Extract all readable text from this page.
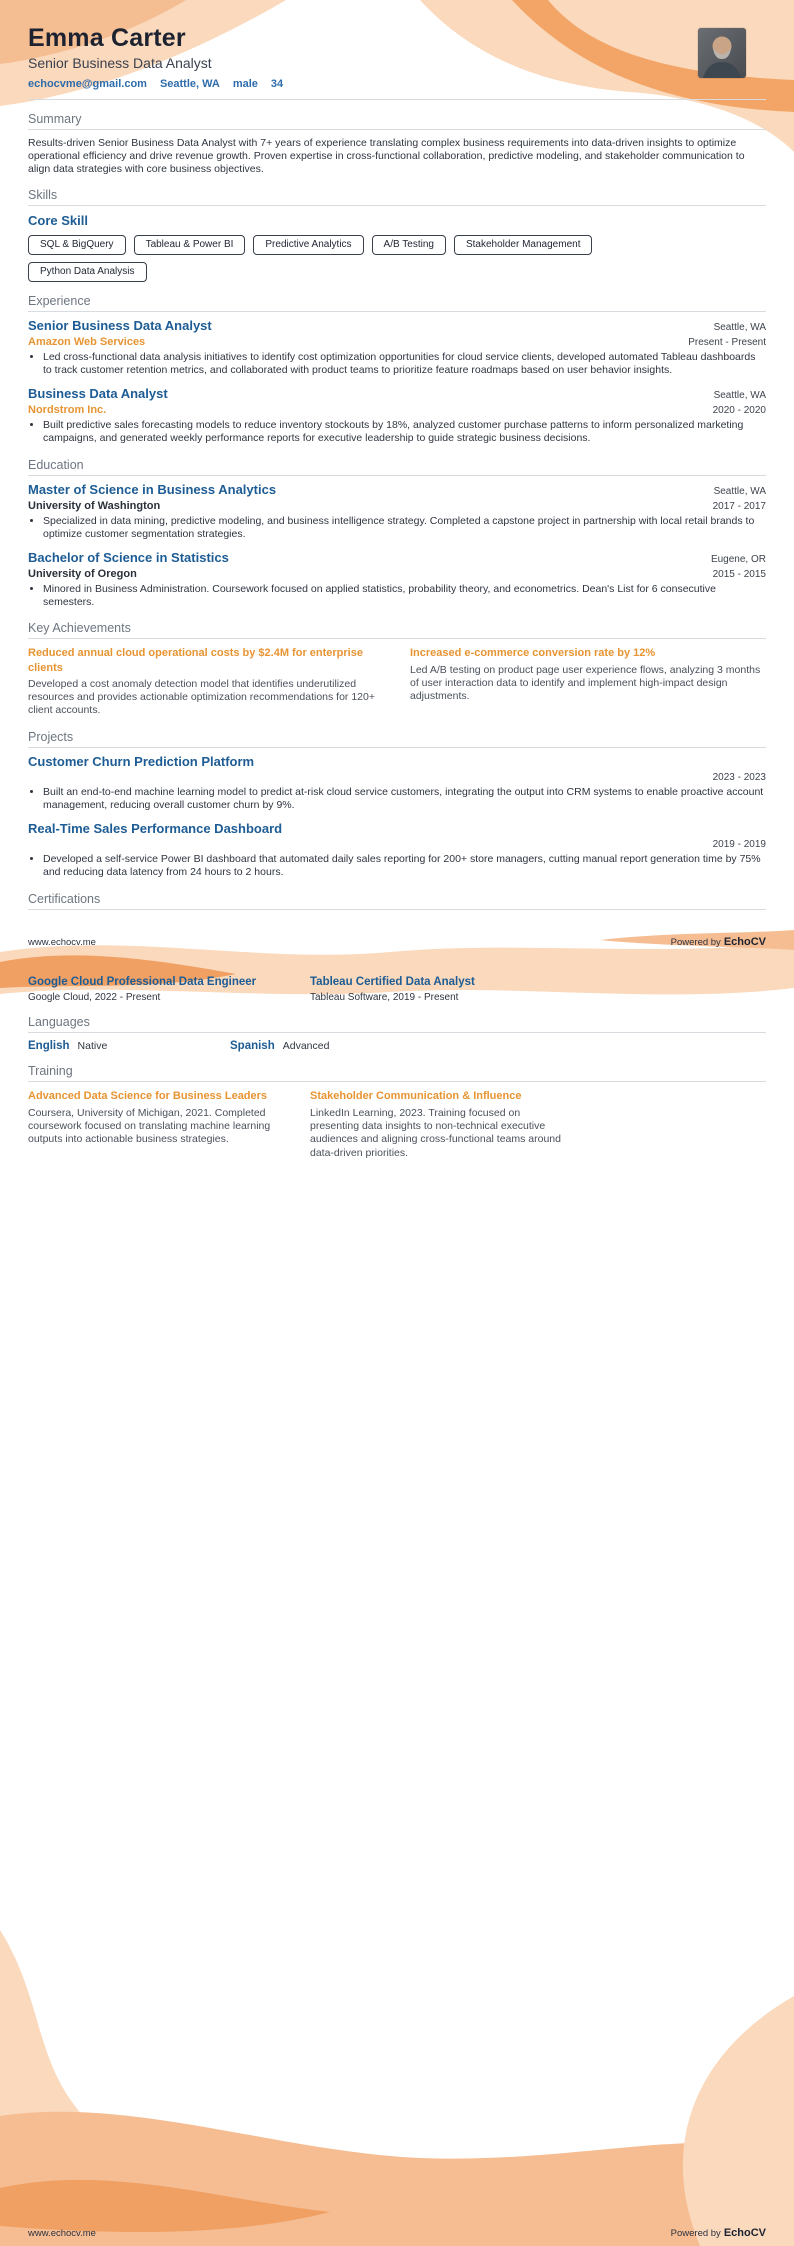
Emma Carter
Senior Business Data Analyst
echocvme@gmail.com Seattle, WA male 34
Summary

Results-driven Senior Business Data Analyst with 7+ years of experience translating complex business requirements into data-driven insights to optimize operational efficiency and drive revenue growth. Proven expertise in cross-functional collaboration, predictive modeling, and stakeholder communication to align data strategies with core business objectives.

Skills
Core Skill
SQL & BigQuery	Tableau & Power BI	Predictive Analytics	A/B Testing	Stakeholder Management
Python Data Analysis
Experience
Senior Business Data Analyst	Seattle, WA
Amazon Web Services	Present - Present
• Led cross-functional data analysis initiatives to identify cost optimization opportunities for cloud service clients, developed automated Tableau dashboards to track customer retention metrics, and collaborated with product teams to prioritize feature roadmaps based on user behavior insights.
Business Data Analyst	Seattle, WA
Nordstrom Inc.	2020 - 2020
• Built predictive sales forecasting models to reduce inventory stockouts by 18%, analyzed customer purchase patterns to inform personalized marketing campaigns, and generated weekly performance reports for executive leadership to guide strategic business decisions.
Education
Master of Science in Business Analytics	Seattle, WA
University of Washington	2017 - 2017
• Specialized in data mining, predictive modeling, and business intelligence strategy. Completed a capstone project in partnership with local retail brands to optimize customer segmentation strategies.
Bachelor of Science in Statistics	Eugene, OR
University of Oregon	2015 - 2015
• Minored in Business Administration. Coursework focused on applied statistics, probability theory, and econometrics. Dean's List for 6 consecutive semesters.
Key Achievements
Reduced annual cloud operational costs by $2.4M for enterprise clients
Developed a cost anomaly detection model that identifies underutilized resources and provides actionable optimization recommendations for 120+ client accounts.
Increased e-commerce conversion rate by 12%
Led A/B testing on product page user experience flows, analyzing 3 months of user interaction data to identify and implement high-impact design adjustments.
Projects
Customer Churn Prediction Platform
2023 - 2023
• Built an end-to-end machine learning model to predict at-risk cloud service customers, integrating the output into CRM systems to enable proactive account management, reducing overall customer churn by 9%.
Real-Time Sales Performance Dashboard
2019 - 2019
• Developed a self-service Power BI dashboard that automated daily sales reporting for 200+ store managers, cutting manual report generation time by 75% and reducing data latency from 24 hours to 2 hours.
Certifications
www.echocv.me	Powered by EchoCV
Google Cloud Professional Data Engineer
Google Cloud, 2022 - Present
Tableau Certified Data Analyst
Tableau Software, 2019 - Present
Languages
English Native	Spanish Advanced
Training
Advanced Data Science for Business Leaders
Coursera, University of Michigan, 2021. Completed coursework focused on translating machine learning outputs into actionable business strategies.
Stakeholder Communication & Influence
LinkedIn Learning, 2023. Training focused on presenting data insights to non-technical executive audiences and aligning cross-functional teams around data-driven priorities.
www.echocv.me	Powered by EchoCV
